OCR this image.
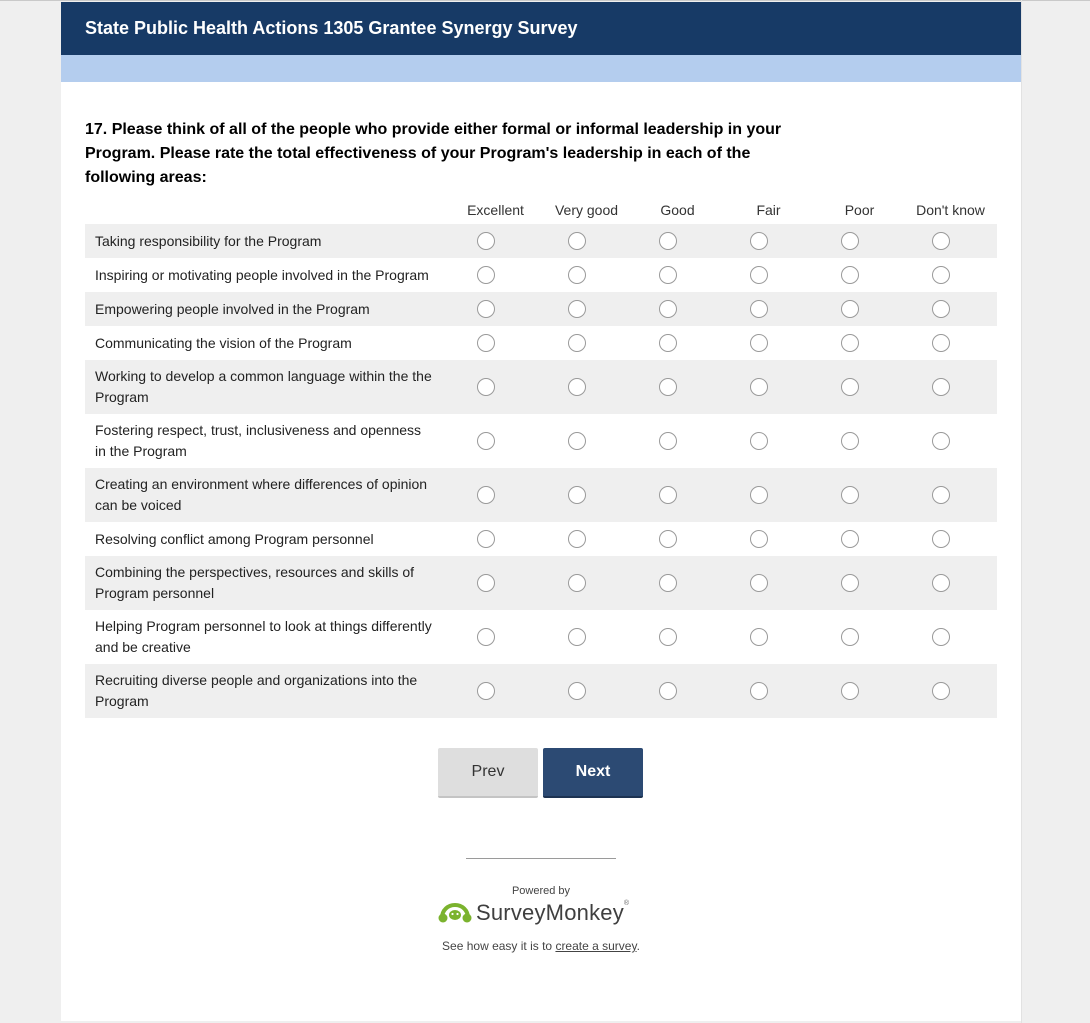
State Public Health Actions 1305 Grantee Synergy Survey
17. Please think of all of the people who provide either formal or informal leadership in your Program. Please rate the total effectiveness of your Program's leadership in each of the following areas:
Excellent	Very good	Good	Fair	Poor	Don't know
Taking responsibility for the Program
Inspiring or motivating people involved in the Program
Empowering people involved in the Program
Communicating the vision of the Program
Working to develop a common language within the the Program
Fostering respect, trust, inclusiveness and openness in the Program
Creating an environment where differences of opinion can be voiced
Resolving conflict among Program personnel
Combining the perspectives, resources and skills of Program personnel
Helping Program personnel to look at things differently and be creative
Recruiting diverse people and organizations into the Program
Prev	Next
Powered by
SurveyMonkey®
See how easy it is to create a survey.
